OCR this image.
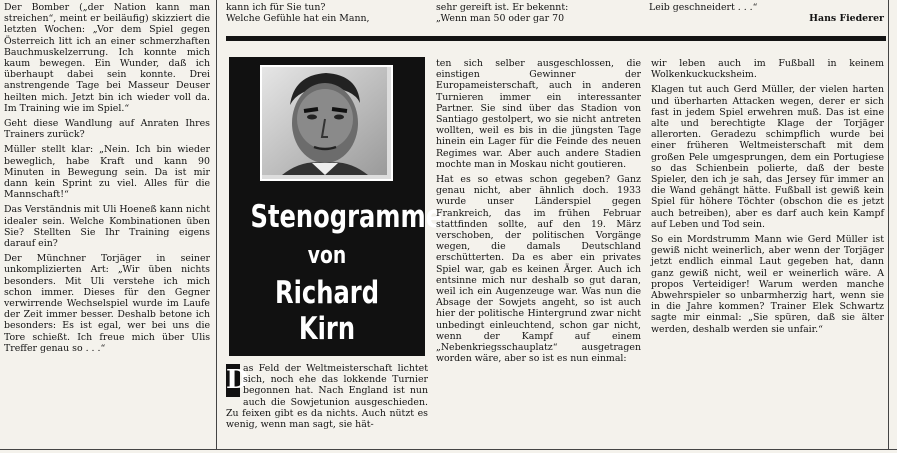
Der Bomber („der Nation kann man streichen“, meint er beiläufig) skizziert die letzten Wochen: „Vor dem Spiel gegen Österreich litt ich an einer schmerzhaften Bauchmuskelzerrung. Ich konnte mich kaum bewegen. Ein Wunder, daß ich überhaupt dabei sein konnte. Drei anstrengende Tage bei Masseur Deuser heilten mich. Jetzt bin ich wieder voll da. Im Training wie im Spiel.“

Geht diese Wandlung auf Anraten Ihres Trainers zurück?

Müller stellt klar: „Nein. Ich bin wieder beweglich, habe Kraft und kann 90 Minuten in Bewegung sein. Da ist mir dann kein Sprint zu viel. Alles für die Mannschaft!“

Das Verständnis mit Uli Hoeneß kann nicht idealer sein. Welche Kombinationen üben Sie? Stellten Sie Ihr Training eigens darauf ein?

Der Münchner Torjäger in seiner unkomplizierten Art: „Wir üben nichts besonders. Mit Uli verstehe ich mich schon immer. Dieses für den Gegner verwirrende Wechselspiel wurde im Laufe der Zeit immer besser. Deshalb betone ich besonders: Es ist egal, wer bei uns die Tore schießt. Ich freue mich über Ulis Treffer genau so . . .“

kann ich für Sie tun?
Welche Gefühle hat ein Mann,
sehr gereift ist. Er bekennt:
„Wenn man 50 oder gar 70
Leib geschneidert . . .“
Hans Fiederer
Stenogramme
von
Richard Kirn
D
as Feld der Weltmeisterschaft lichtet sich, noch ehe das lokkende Turnier begonnen hat. Nach England ist nun auch die Sowjetunion ausgeschieden. Zu feixen gibt es da nichts. Auch nützt es wenig, wenn man sagt, sie hät-

ten sich selber ausgeschlossen, die einstigen Gewinner der Europameisterschaft, auch in anderen Turnieren immer ein interessanter Partner. Sie sind über das Stadion von Santiago gestolpert, wo sie nicht antreten wollten, weil es bis in die jüngsten Tage hinein ein Lager für die Feinde des neuen Regimes war. Aber auch andere Stadien mochte man in Moskau nicht goutieren.

Hat es so etwas schon gegeben? Ganz genau nicht, aber ähnlich doch. 1933 wurde unser Länderspiel gegen Frankreich, das im frühen Februar stattfinden sollte, auf den 19. März verschoben, der politischen Vorgänge wegen, die damals Deutschland erschütterten. Da es aber ein privates Spiel war, gab es keinen Ärger. Auch ich entsinne mich nur deshalb so gut daran, weil ich ein Augenzeuge war. Was nun die Absage der Sowjets angeht, so ist auch hier der politische Hintergrund zwar nicht unbedingt einleuchtend, schon gar nicht, wenn der Kampf auf einem „Nebenkriegsschauplatz“ ausgetragen worden wäre, aber so ist es nun einmal:

wir leben auch im Fußball in keinem Wolkenkuckucksheim.

Klagen tut auch Gerd Müller, der vielen harten und überharten Attacken wegen, derer er sich fast in jedem Spiel erwehren muß. Das ist eine alte und berechtigte Klage der Torjäger allerorten. Geradezu schimpflich wurde bei einer früheren Weltmeisterschaft mit dem großen Pele umgesprungen, dem ein Portugiese so das Schienbein polierte, daß der beste Spieler, den ich je sah, das Jersey für immer an die Wand gehängt hätte. Fußball ist gewiß kein Spiel für höhere Töchter (obschon die es jetzt auch betreiben), aber es darf auch kein Kampf auf Leben und Tod sein.

So ein Mordstrumm Mann wie Gerd Müller ist gewiß nicht weinerlich, aber wenn der Torjäger jetzt endlich einmal Laut gegeben hat, dann ganz gewiß nicht, weil er weinerlich wäre. A propos Verteidiger! Warum werden manche Abwehrspieler so unbarmherzig hart, wenn sie in die Jahre kommen? Trainer Elek Schwartz sagte mir einmal: „Sie spüren, daß sie älter werden, deshalb werden sie unfair.“
